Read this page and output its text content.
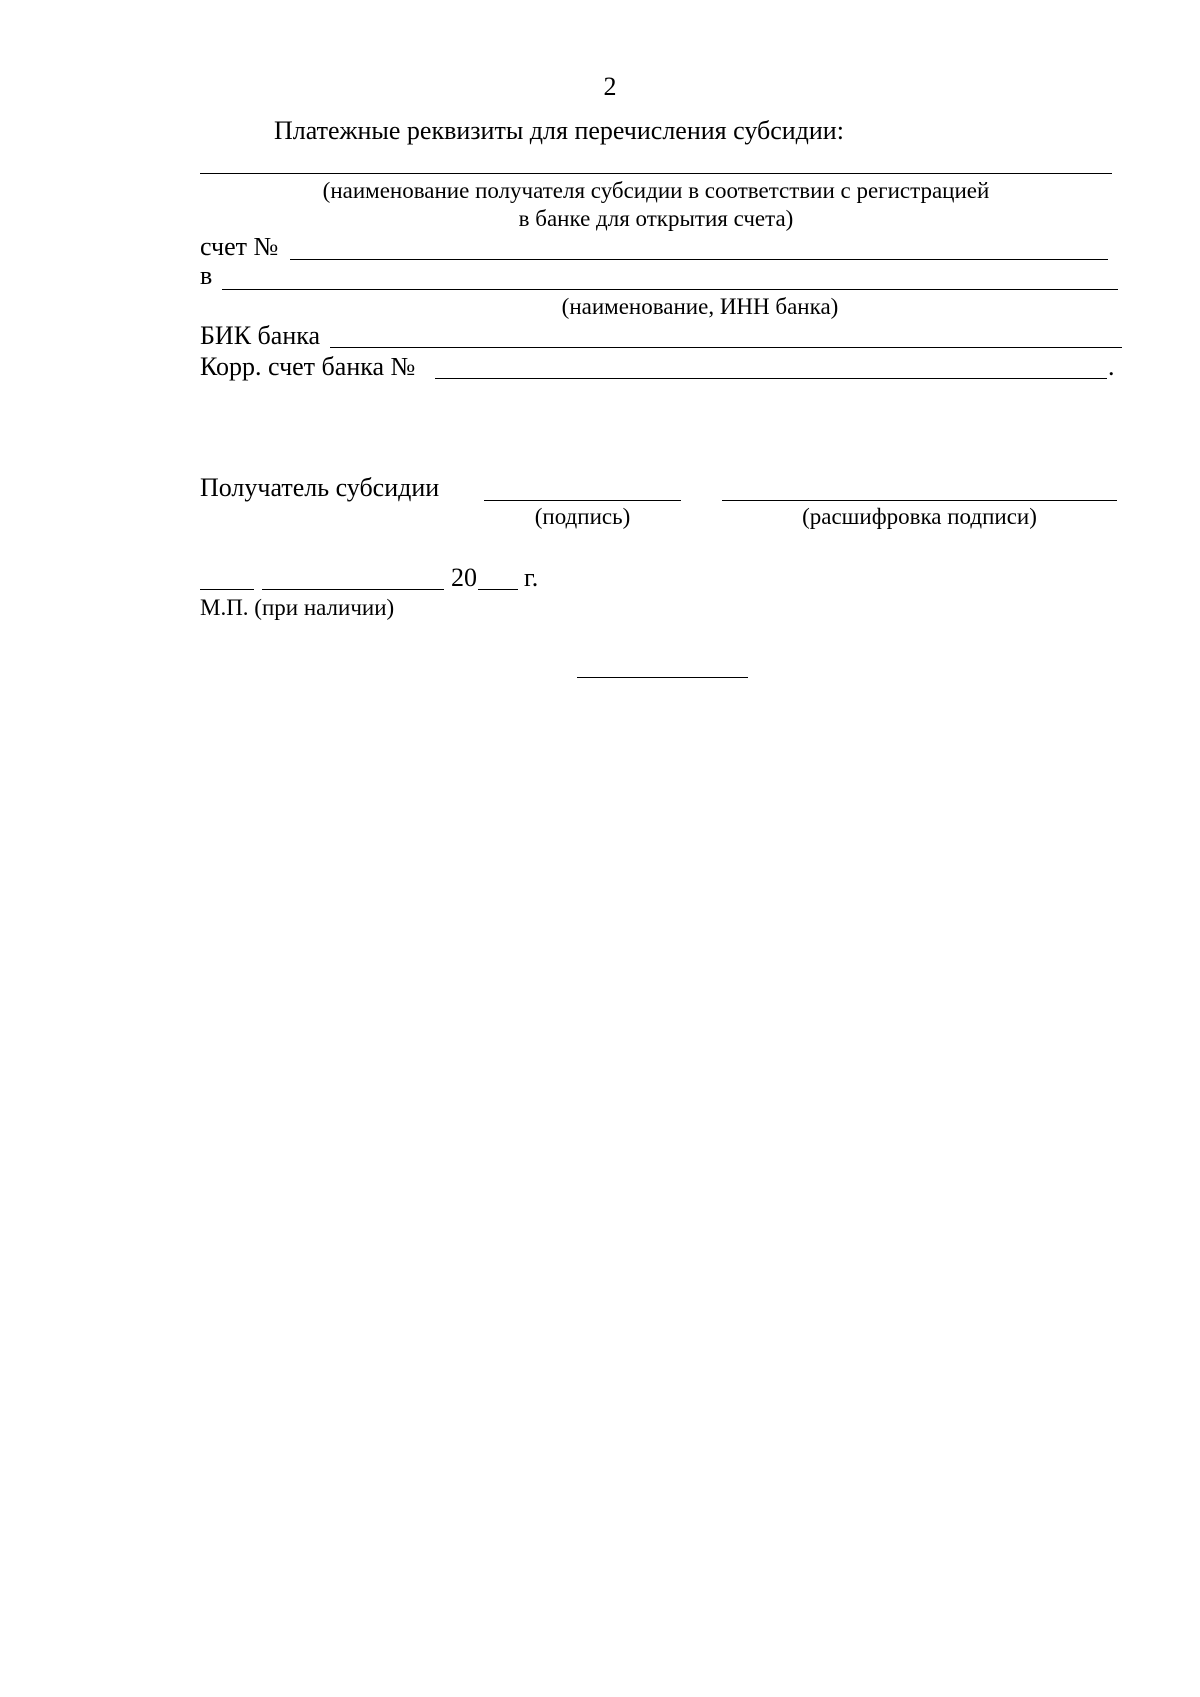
2
Платежные реквизиты для перечисления субсидии:
(наименование получателя субсидии в соответствии с регистрацией
в банке для открытия счета)
счет №
в
(наименование, ИНН банка)
БИК банка
Корр. счет банка №	.
Получатель субсидии
(подпись)	(расшифровка подписи)
20 г.
М.П. (при наличии)
